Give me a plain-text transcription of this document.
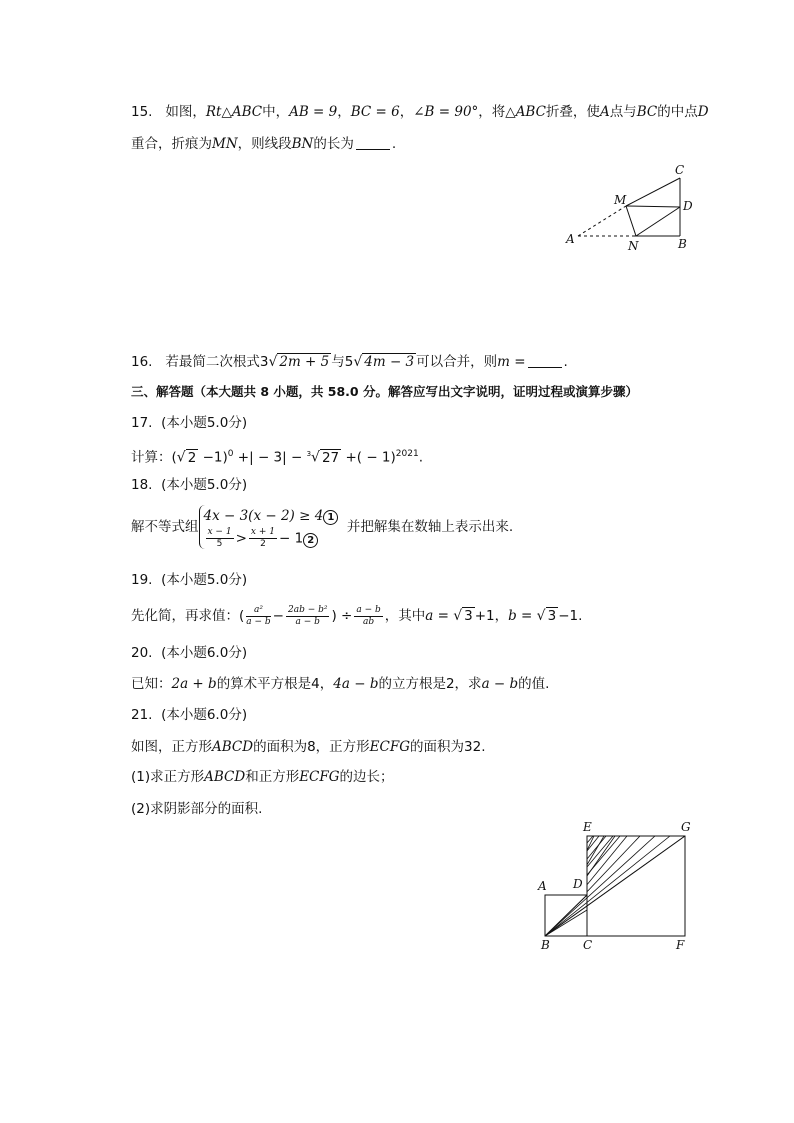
15. 如图，Rt△ABC中，AB = 9，BC = 6，∠B = 90°，将△ABC折叠，使A点与BC的中点D
重合，折痕为MN，则线段BN的长为	.
C
M	D
A	N	B
16. 若最简二次根式3√ 2m + 5 与5√ 4m − 3 可以合并，则m =	.
三、解答题（本大题共 8 小题，共 58.0 分。解答应写出文字说明，证明过程或演算步骤）
17. (本小题5.0分)
计算：(√ 2 −1)$^0$ +| − 3| − $^3$√ 27 +( − 1)$^{2021}$.
18. (本小题5.0分)
解不等式组
4x − 3(x − 2) ≥ 4 1
$\frac{x - 1}{5} > \frac{x + 1}{2} - 1$ 2
并把解集在数轴上表示出来.
19. (本小题5.0分)
先化简，再求值：( $\frac{\text{a²}}{a - b} - \frac{\text{2ab − b²}}{a - b}$ ) ÷ $\frac{a - b}{ab}$ ，其中a = √ 3 +1，b = √ 3 −1.
20. (本小题6.0分)
已知：2a + b的算术平方根是4，4a − b的立方根是2，求a − b的值.
21. (本小题6.0分)
如图，正方形ABCD的面积为8，正方形ECFG的面积为32.
(1)求正方形ABCD和正方形ECFG的边长；
(2)求阴影部分的面积.
E	G
A D
B	C	F
